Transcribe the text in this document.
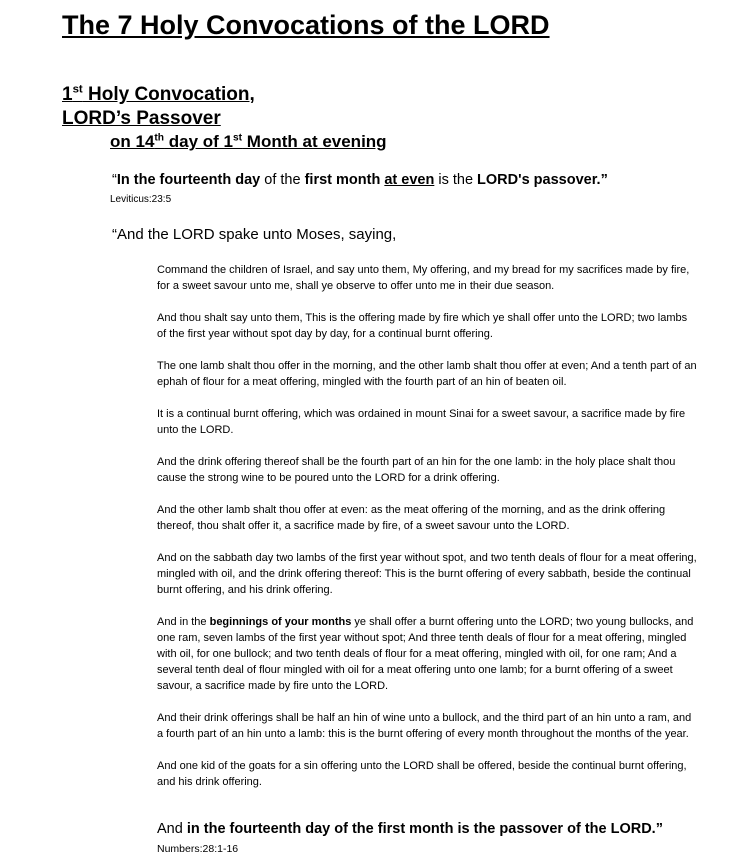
The 7 Holy Convocations of the LORD
1st Holy Convocation,
LORD’s Passover
on 14th day of 1st Month at evening
“In the fourteenth day of the first month at even is the LORD's passover.”
Leviticus:23:5
“And the LORD spake unto Moses, saying,

Command the children of Israel, and say unto them, My offering, and my bread for my sacrifices made by fire, for a sweet savour unto me, shall ye observe to offer unto me in their due season.

And thou shalt say unto them, This is the offering made by fire which ye shall offer unto the LORD; two lambs of the first year without spot day by day, for a continual burnt offering.

The one lamb shalt thou offer in the morning, and the other lamb shalt thou offer at even; And a tenth part of an ephah of flour for a meat offering, mingled with the fourth part of an hin of beaten oil.

It is a continual burnt offering, which was ordained in mount Sinai for a sweet savour, a sacrifice made by fire unto the LORD.

And the drink offering thereof shall be the fourth part of an hin for the one lamb: in the holy place shalt thou cause the strong wine to be poured unto the LORD for a drink offering.

And the other lamb shalt thou offer at even: as the meat offering of the morning, and as the drink offering thereof, thou shalt offer it, a sacrifice made by fire, of a sweet savour unto the LORD.

And on the sabbath day two lambs of the first year without spot, and two tenth deals of flour for a meat offering, mingled with oil, and the drink offering thereof: This is the burnt offering of every sabbath, beside the continual burnt offering, and his drink offering.

And in the beginnings of your months ye shall offer a burnt offering unto the LORD; two young bullocks, and one ram, seven lambs of the first year without spot; And three tenth deals of flour for a meat offering, mingled with oil, for one bullock; and two tenth deals of flour for a meat offering, mingled with oil, for one ram; And a several tenth deal of flour mingled with oil for a meat offering unto one lamb; for a burnt offering of a sweet savour, a sacrifice made by fire unto the LORD.

And their drink offerings shall be half an hin of wine unto a bullock, and the third part of an hin unto a ram, and a fourth part of an hin unto a lamb: this is the burnt offering of every month throughout the months of the year.

And one kid of the goats for a sin offering unto the LORD shall be offered, beside the continual burnt offering, and his drink offering.

And in the fourteenth day of the first month is the passover of the LORD.” Numbers:28:1-16
